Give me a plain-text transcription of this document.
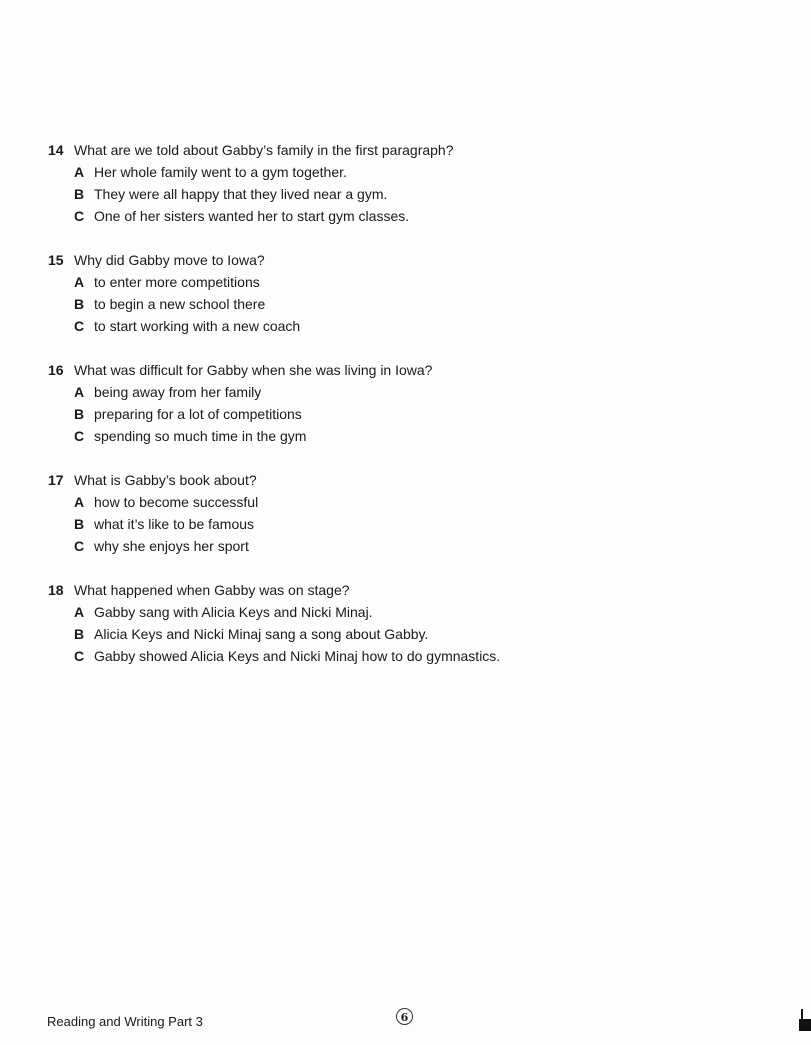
14 What are we told about Gabby’s family in the first paragraph?
A Her whole family went to a gym together.
B They were all happy that they lived near a gym.
C One of her sisters wanted her to start gym classes.
15 Why did Gabby move to Iowa?
A to enter more competitions
B to begin a new school there
C to start working with a new coach
16 What was difficult for Gabby when she was living in Iowa?
A being away from her family
B preparing for a lot of competitions
C spending so much time in the gym
17 What is Gabby’s book about?
A how to become successful
B what it’s like to be famous
C why she enjoys her sport
18 What happened when Gabby was on stage?
A Gabby sang with Alicia Keys and Nicki Minaj.
B Alicia Keys and Nicki Minaj sang a song about Gabby.
C Gabby showed Alicia Keys and Nicki Minaj how to do gymnastics.
Reading and Writing Part 3	6
